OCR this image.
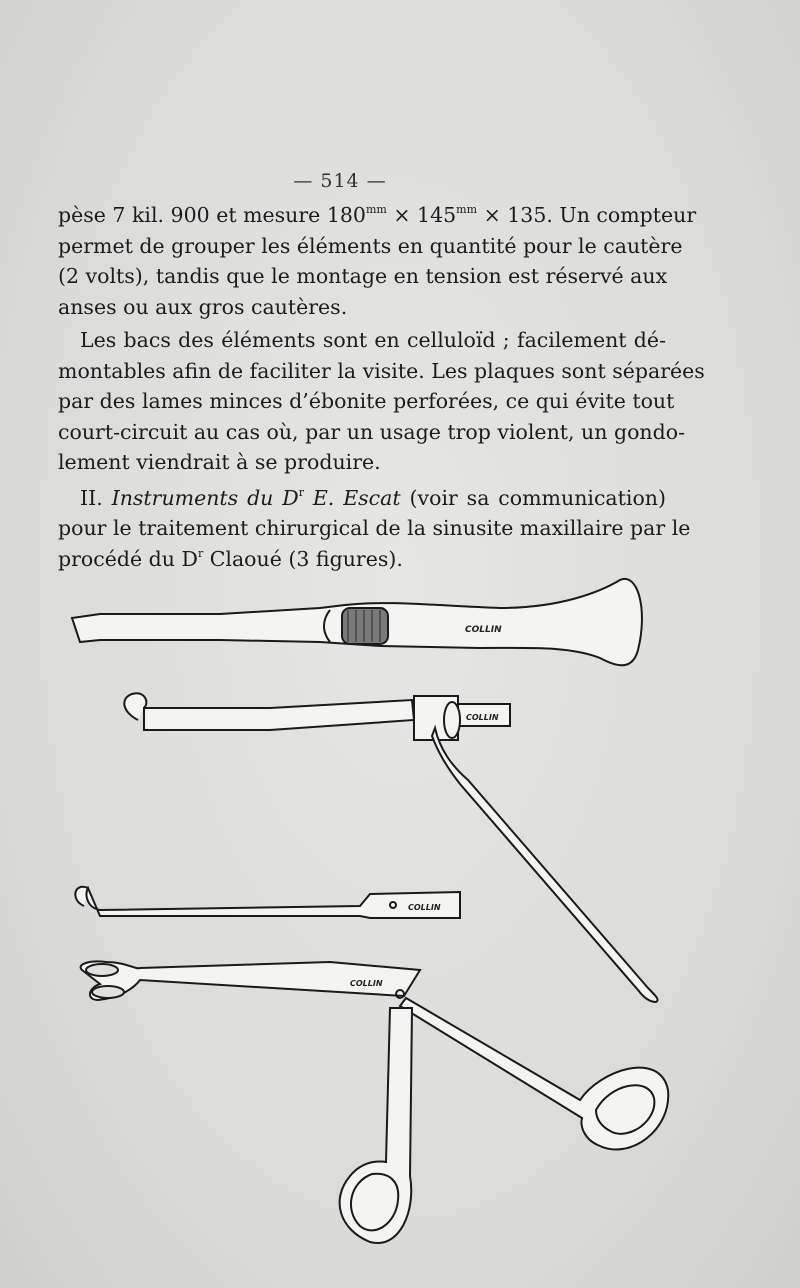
— 514 —

pèse 7 kil. 900 et mesure $180^{mm} \times 145^{mm} \times 135$. Un compteur
permet de grouper les éléments en quantité pour le cautère
(2 volts), tandis que le montage en tension est réservé aux
anses ou aux gros cautères.

Les bacs des éléments sont en celluloïd ; facilement dé-
montables afin de faciliter la visite. Les plaques sont séparées
par des lames minces d’ébonite perforées, ce qui évite tout
court-circuit au cas où, par un usage trop violent, un gondo-
lement viendrait à se produire.

II. Instruments du $D^r$ E. Escat (voir sa communication)
pour le traitement chirurgical de la sinusite maxillaire par le
procédé du $D^r$ Claoué (3 figures).

COLLIN
COLLIN
COLLIN
COLLIN
